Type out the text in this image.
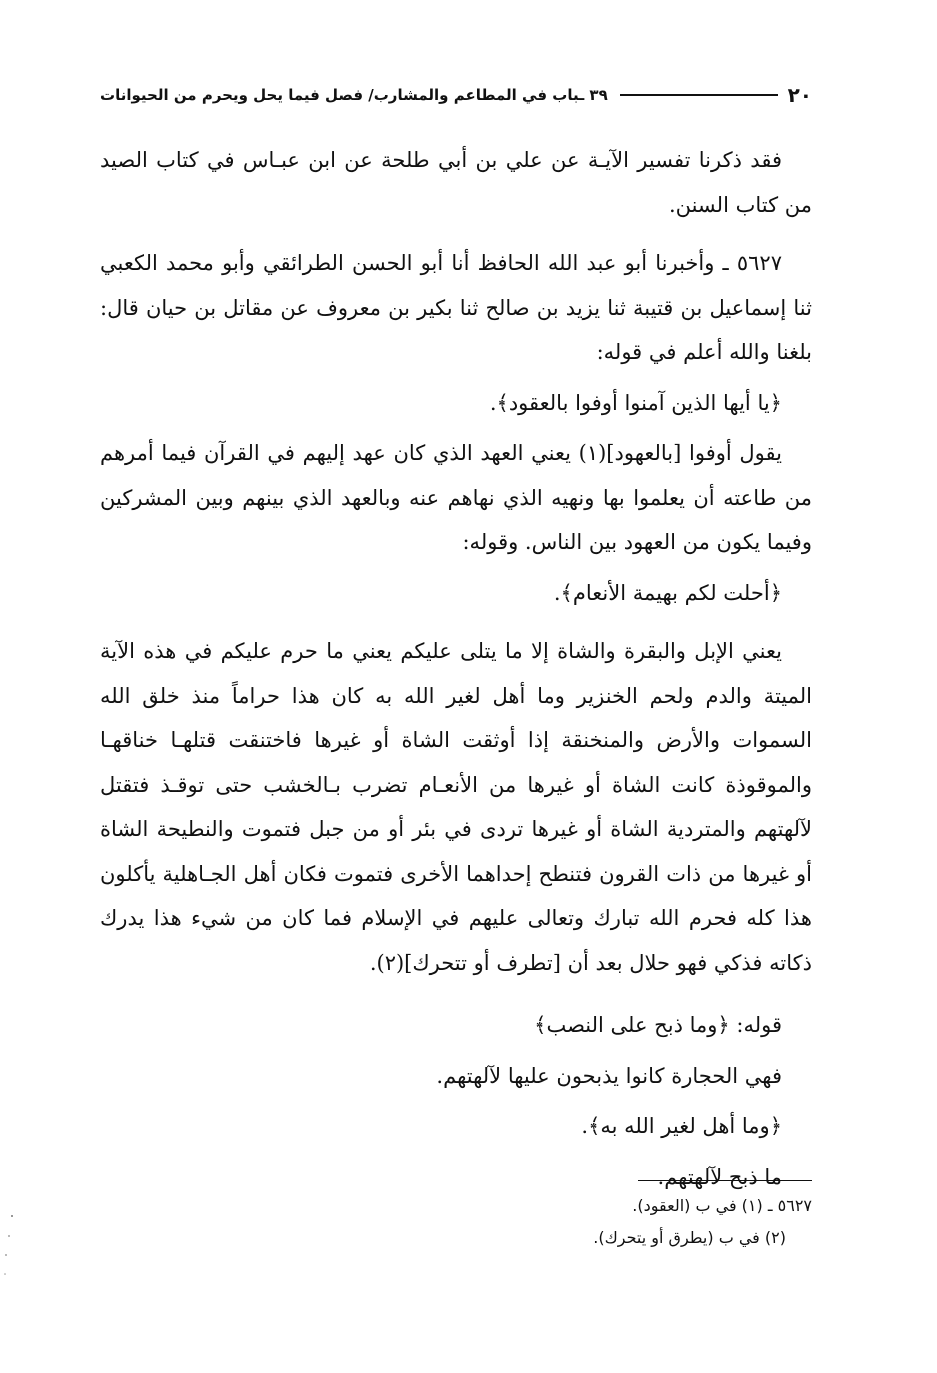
٢٠
٣٩ ـباب في المطاعم والمشارب/ فصل فيما يحل ويحرم من الحيوانات

فقد ذكرنا تفسير الآيـة عن علي بن أبي طلحة عن ابن عبـاس في كتاب الصيد من كتاب السنن.

٥٦٢٧ ـ وأخبرنا أبو عبد الله الحافظ أنا أبو الحسن الطرائقي وأبو محمد الكعبي ثنا إسماعيل بن قتيبة ثنا يزيد بن صالح ثنا بكير بن معروف عن مقاتل بن حيان قال: بلغنا والله أعلم في قوله:

﴿يا أيها الذين آمنوا أوفوا بالعقود﴾.

يقول أوفوا [بالعهود](١) يعني العهد الذي كان عهد إليهم في القرآن فيما أمرهم من طاعته أن يعلموا بها ونهيه الذي نهاهم عنه وبالعهد الذي بينهم وبين المشركين وفيما يكون من العهود بين الناس. وقوله:

﴿أحلت لكم بهيمة الأنعام﴾.

يعني الإبل والبقرة والشاة إلا ما يتلى عليكم يعني ما حرم عليكم في هذه الآية الميتة والدم ولحم الخنزير وما أهل لغير الله به كان هذا حراماً منذ خلق الله السموات والأرض والمنخنقة إذا أوثقت الشاة أو غيرها فاختنقت قتلهـا خناقهـا والموقوذة كانت الشاة أو غيرها من الأنعـام تضرب بـالخشب حتى توقـذ فتقتل لآلهتهم والمتردية الشاة أو غيرها تردى في بئر أو من جبل فتموت والنطيحة الشاة أو غيرها من ذات القرون فتنطح إحداهما الأخرى فتموت فكان أهل الجـاهلية يأكلون هذا كله فحرم الله تبارك وتعالى عليهم في الإسلام فما كان من شيء هذا يدرك ذكاته فذكي فهو حلال بعد أن [تطرف أو تتحرك](٢).

قوله: ﴿وما ذبح على النصب﴾

فهي الحجارة كانوا يذبحون عليها لآلهتهم.

﴿وما أهل لغير الله به﴾.

ما ذبح لآلهتهم.

٥٦٢٧ ـ (١) في ب (العقود).

(٢) في ب (يطرق أو يتحرك).
